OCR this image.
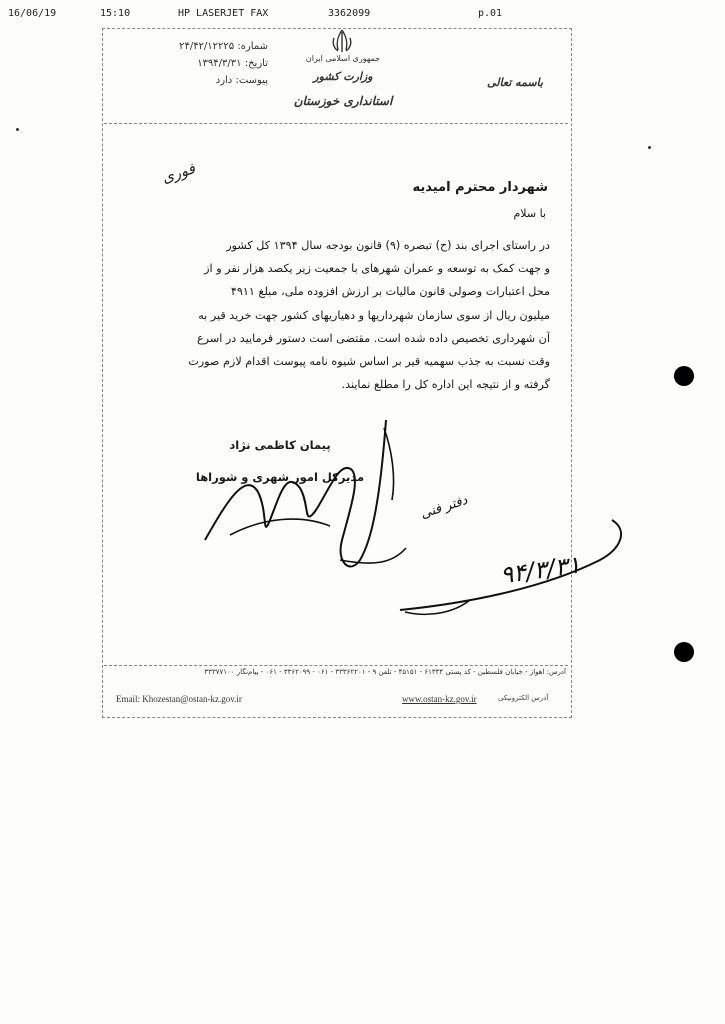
16/06/19	15:10	HP LASERJET FAX	3362099	p.01
شماره: ۲۴/۴۲/۱۲۲۲۵
تاریخ: ۱۳۹۴/۳/۳۱
پیوست: دارد
جمهوری اسلامی ایران
وزارت کشور
استانداری خوزستان
باسمه تعالی
فوری
شهردار محترم امیدیه
با سلام

در راستای اجرای بند (ح) تبصره (۹) قانون بودجه سال ۱۳۹۴ کل کشور

و جهت کمک به توسعه و عمران شهرهای با جمعیت زیر یکصد هزار نفر و از

محل اعتبارات وصولی قانون مالیات بر ارزش افزوده ملی، مبلغ ۴۹۱۱

میلیون ریال از سوی سازمان شهرداریها و دهیاریهای کشور جهت خرید قیر به

آن شهرداری تخصیص داده شده است. مقتضی است دستور فرمایید در اسرع

وقت نسبت به جذب سهمیه قیر بر اساس شیوه نامه پیوست اقدام لازم صورت

گرفته و از نتیجه این اداره کل را مطلع نمایند.

پیمان کاظمی نژاد
مدیرکل امور شهری و شوراها
دفتر فنی
۹۴/۳/۳۱
آدرس: اهواز - خیابان فلسطین - کد پستی ۶۱۳۳۴ - ۴۵۱۵۱ - تلفن ۹ - ۳۳۳۶۲۲۰۱ - ۰۶۱ - ۳۳۶۲۰۹۹ - ۰۶۱ - پیام‌نگار ۳۳۳۷۷۱۰۰
Email: Khozestan@ostan-kz.gov.ir	www.ostan-kz.gov.ir	آدرس الکترونیکی
